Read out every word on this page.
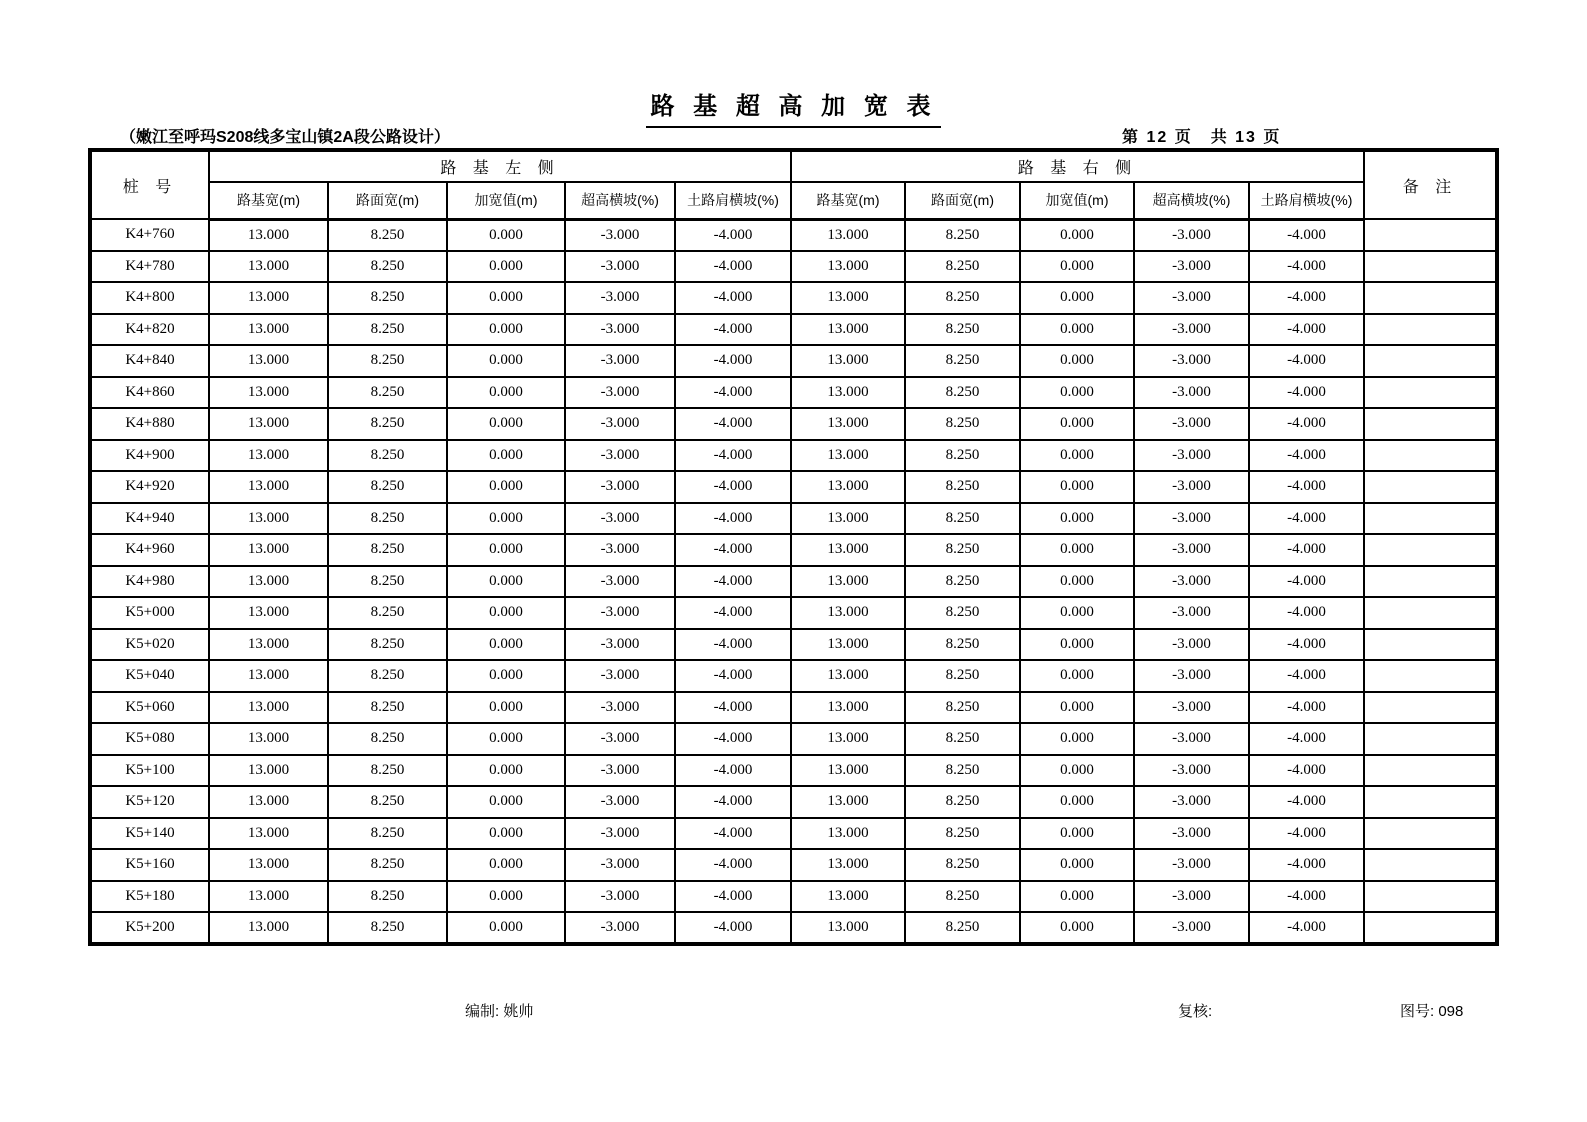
路 基 超 高 加 宽 表
（嫩江至呼玛S208线多宝山镇2A段公路设计）	第 12 页　共 13 页
桩 号	路 基 左 侧					路 基 右 侧					备 注
	路基宽(m)	路面宽(m)	加宽值(m)	超高横坡(%)	土路肩横坡(%)	路基宽(m)	路面宽(m)	加宽值(m)	超高横坡(%)	土路肩横坡(%)	
K4+760	13.000	8.250	0.000	-3.000	-4.000	13.000	8.250	0.000	-3.000	-4.000	
K4+780	13.000	8.250	0.000	-3.000	-4.000	13.000	8.250	0.000	-3.000	-4.000	
K4+800	13.000	8.250	0.000	-3.000	-4.000	13.000	8.250	0.000	-3.000	-4.000	
K4+820	13.000	8.250	0.000	-3.000	-4.000	13.000	8.250	0.000	-3.000	-4.000	
K4+840	13.000	8.250	0.000	-3.000	-4.000	13.000	8.250	0.000	-3.000	-4.000	
K4+860	13.000	8.250	0.000	-3.000	-4.000	13.000	8.250	0.000	-3.000	-4.000	
K4+880	13.000	8.250	0.000	-3.000	-4.000	13.000	8.250	0.000	-3.000	-4.000	
K4+900	13.000	8.250	0.000	-3.000	-4.000	13.000	8.250	0.000	-3.000	-4.000	
K4+920	13.000	8.250	0.000	-3.000	-4.000	13.000	8.250	0.000	-3.000	-4.000	
K4+940	13.000	8.250	0.000	-3.000	-4.000	13.000	8.250	0.000	-3.000	-4.000	
K4+960	13.000	8.250	0.000	-3.000	-4.000	13.000	8.250	0.000	-3.000	-4.000	
K4+980	13.000	8.250	0.000	-3.000	-4.000	13.000	8.250	0.000	-3.000	-4.000	
K5+000	13.000	8.250	0.000	-3.000	-4.000	13.000	8.250	0.000	-3.000	-4.000	
K5+020	13.000	8.250	0.000	-3.000	-4.000	13.000	8.250	0.000	-3.000	-4.000	
K5+040	13.000	8.250	0.000	-3.000	-4.000	13.000	8.250	0.000	-3.000	-4.000	
K5+060	13.000	8.250	0.000	-3.000	-4.000	13.000	8.250	0.000	-3.000	-4.000	
K5+080	13.000	8.250	0.000	-3.000	-4.000	13.000	8.250	0.000	-3.000	-4.000	
K5+100	13.000	8.250	0.000	-3.000	-4.000	13.000	8.250	0.000	-3.000	-4.000	
K5+120	13.000	8.250	0.000	-3.000	-4.000	13.000	8.250	0.000	-3.000	-4.000	
K5+140	13.000	8.250	0.000	-3.000	-4.000	13.000	8.250	0.000	-3.000	-4.000	
K5+160	13.000	8.250	0.000	-3.000	-4.000	13.000	8.250	0.000	-3.000	-4.000	
K5+180	13.000	8.250	0.000	-3.000	-4.000	13.000	8.250	0.000	-3.000	-4.000	
K5+200	13.000	8.250	0.000	-3.000	-4.000	13.000	8.250	0.000	-3.000	-4.000	
编制: 姚帅	复核:	图号: 098
